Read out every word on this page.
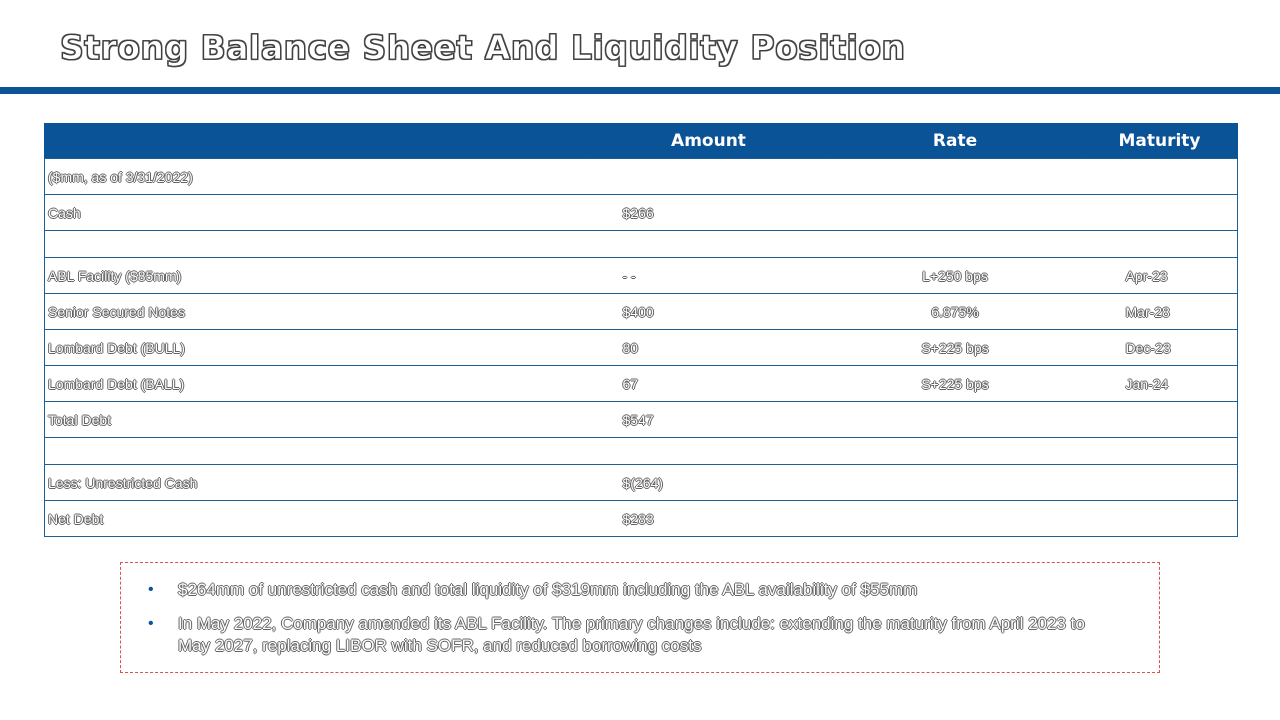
Strong Balance Sheet And Liquidity Position
	Amount	Rate	Maturity
($mm, as of 3/31/2022)			
Cash	$266		

ABL Facility ($85mm)	- -	L+250 bps	Apr-23
Senior Secured Notes	$400	6.875%	Mar-28
Lombard Debt (BULL)	80	S+225 bps	Dec-23
Lombard Debt (BALL)	67	S+225 bps	Jan-24
Total Debt	$547		

Less: Unrestricted Cash	$(264)		
Net Debt	$283		
• $264mm of unrestricted cash and total liquidity of $319mm including the ABL availability of $55mm
• In May 2022, Company amended its ABL Facility. The primary changes include: extending the maturity from April 2023 to May 2027, replacing LIBOR with SOFR, and reduced borrowing costs
